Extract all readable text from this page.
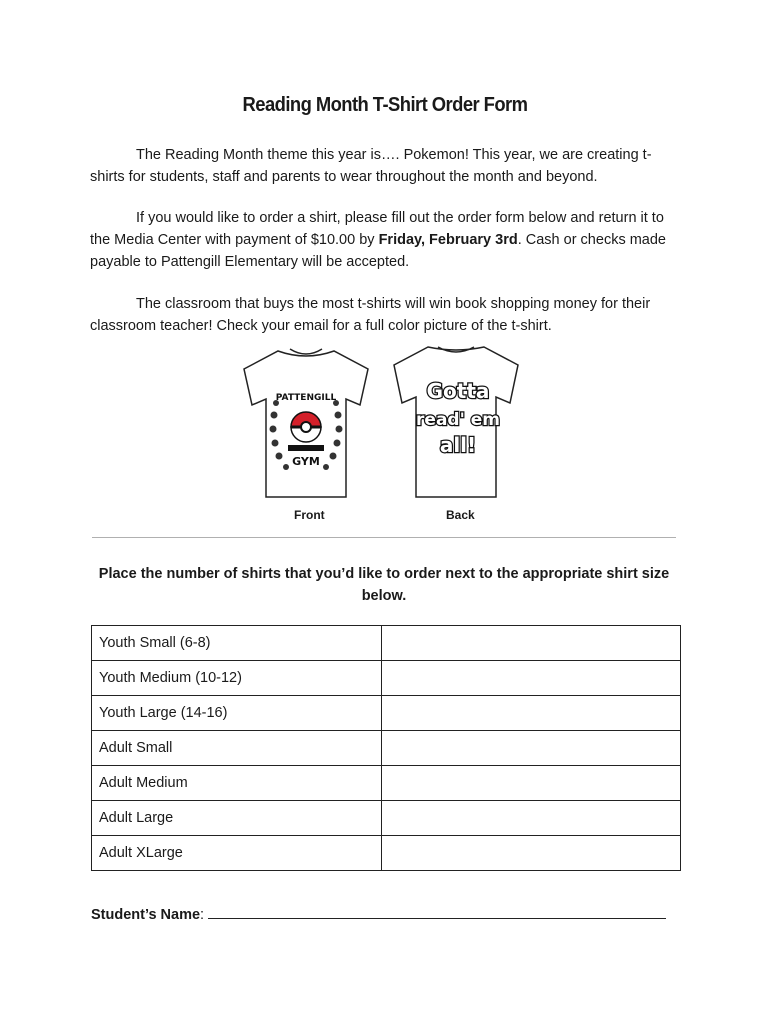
Reading Month T-Shirt Order Form

The Reading Month theme this year is…. Pokemon! This year, we are creating t-shirts for students, staff and parents to wear throughout the month and beyond.

If you would like to order a shirt, please fill out the order form below and return it to the Media Center with payment of $10.00 by Friday, February 3rd. Cash or checks made payable to Pattengill Elementary will be accepted.

The classroom that buys the most t-shirts will win book shopping money for their classroom teacher! Check your email for a full color picture of the t-shirt.

PATTENGILL
GYM
Gotta
read' em
all!
Front	Back
Place the number of shirts that you’d like to order next to the appropriate shirt size below.
Youth Small (6-8)	
Youth Medium (10-12)	
Youth Large (14-16)	
Adult Small	
Adult Medium	
Adult Large	
Adult XLarge	
Student’s Name:
